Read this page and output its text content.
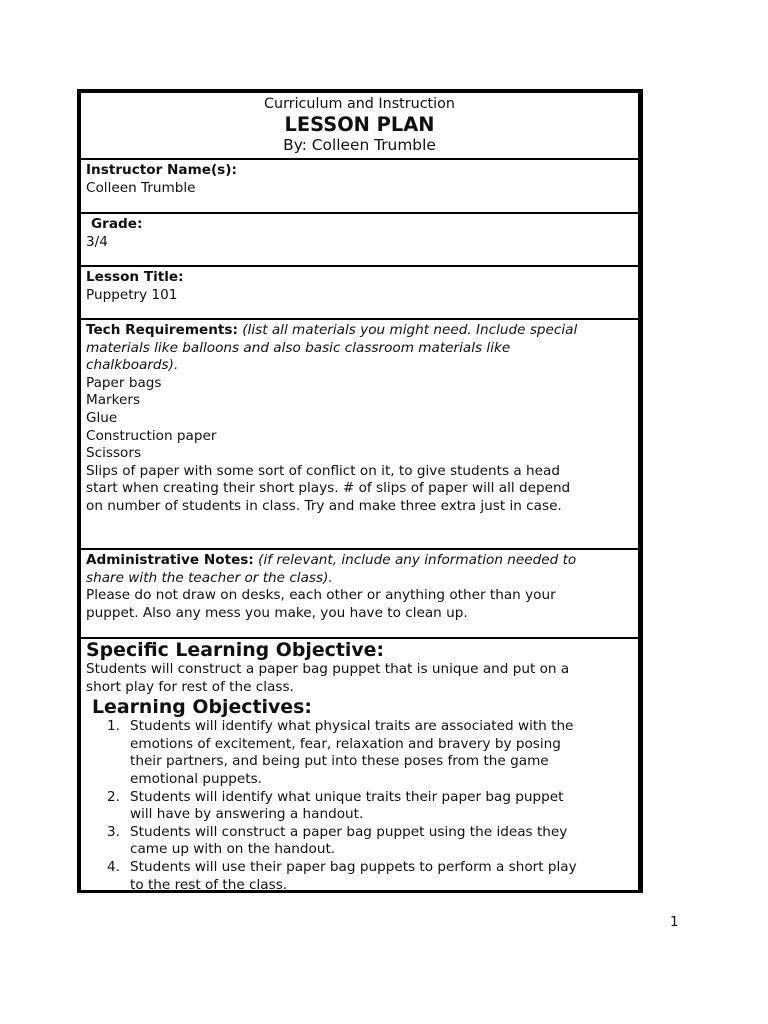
Curriculum and Instruction
LESSON PLAN
By: Colleen Trumble
Instructor Name(s):
Colleen Trumble
Grade:
3/4
Lesson Title:
Puppetry 101
Tech Requirements: (list all materials you might need. Include special
materials like balloons and also basic classroom materials like
chalkboards).
Paper bags
Markers
Glue
Construction paper
Scissors
Slips of paper with some sort of conflict on it, to give students a head
start when creating their short plays. # of slips of paper will all depend
on number of students in class. Try and make three extra just in case.
Administrative Notes: (if relevant, include any information needed to
share with the teacher or the class).
Please do not draw on desks, each other or anything other than your
puppet. Also any mess you make, you have to clean up.
Specific Learning Objective:
Students will construct a paper bag puppet that is unique and put on a
short play for rest of the class.
Learning Objectives:
1. Students will identify what physical traits are associated with the
emotions of excitement, fear, relaxation and bravery by posing
their partners, and being put into these poses from the game
emotional puppets.
2. Students will identify what unique traits their paper bag puppet
will have by answering a handout.
3. Students will construct a paper bag puppet using the ideas they
came up with on the handout.
4. Students will use their paper bag puppets to perform a short play
to the rest of the class.
1
